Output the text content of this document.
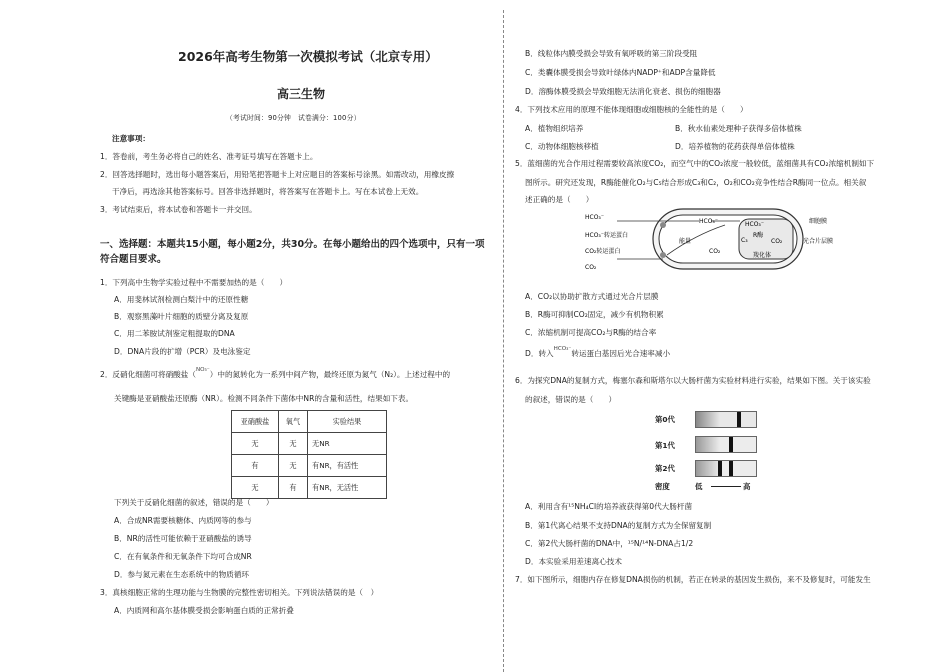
2026年高考生物第一次模拟考试（北京专用）
高三生物
（考试时间：90分钟　试卷满分：100分）
注意事项：
1．答卷前，考生务必将自己的姓名、准考证号填写在答题卡上。
2．回答选择题时，选出每小题答案后，用铅笔把答题卡上对应题目的答案标号涂黑。如需改动，用橡皮擦
干净后，再选涂其他答案标号。回答非选择题时，将答案写在答题卡上。写在本试卷上无效。
3．考试结束后，将本试卷和答题卡一并交回。
一、选择题：本题共15小题，每小题2分，共30分。在每小题给出的四个选项中，只有一项
符合题目要求。
1．下列高中生物学实验过程中不需要加热的是（　　）
A．用斐林试剂检测白梨汁中的还原性糖
B．观察黑藻叶片细胞的质壁分离及复原
C．用二苯胺试剂鉴定粗提取的DNA
D．DNA片段的扩增（PCR）及电泳鉴定
2．反硝化细菌可将硝酸盐（$^{NO_3^-}$）中的氮转化为一系列中间产物，最终还原为氮气（N₂）。上述过程中的
关键酶是亚硝酸盐还原酶（NR）。检测不同条件下菌体中NR的含量和活性，结果如下表。
亚硝酸盐	氧气	实验结果
无	无	无NR
有	无	有NR，有活性
无	有	有NR，无活性
下列关于反硝化细菌的叙述，错误的是（　　）
A．合成NR需要核糖体、内质网等的参与
B．NR的活性可能依赖于亚硝酸盐的诱导
C．在有氧条件和无氧条件下均可合成NR
D．参与氮元素在生态系统中的物质循环
3．真核细胞正常的生理功能与生物膜的完整性密切相关。下列说法错误的是（　）
A．内质网和高尔基体膜受损会影响蛋白质的正常折叠
B．线粒体内膜受损会导致有氧呼吸的第三阶段受阻
C．类囊体膜受损会导致叶绿体内NADP⁺和ADP含量降低
D．溶酶体膜受损会导致细胞无法消化衰老、损伤的细胞器
4．下列技术应用的原理不能体现细胞或细胞核的全能性的是（　　）
A．植物组织培养	B．秋水仙素处理种子获得多倍体植株
C．动物体细胞核移植	D．培养植物的花药获得单倍体植株
5．蓝细菌的光合作用过程需要较高浓度CO₂，而空气中的CO₂浓度一般较低，蓝细菌具有CO₂浓缩机制如下
图所示。研究还发现，R酶能催化O₂与C₅结合形成C₃和C₂，O₂和CO₂竞争性结合R酶同一位点。相关叙
述正确的是（　　）
HCO₃⁻
HCO₃⁻转运蛋白
CO₂转运蛋白
CO₂
能量
HCO₃⁻	HCO₃⁻
C₃
R酶
CO₂
CO₂
羧化体
细胞膜
光合片层膜
A．CO₂以协助扩散方式通过光合片层膜
B．R酶可抑制CO₂固定，减少有机物积累
C．浓缩机制可提高CO₂与R酶的结合率
D．转入$^{HCO_3^-}$转运蛋白基因后光合速率减小
6．为探究DNA的复制方式，梅塞尔森和斯塔尔以大肠杆菌为实验材料进行实验，结果如下图。关于该实验
的叙述，错误的是（　　）
第0代
第1代
第2代
密度	低	高
A．利用含有¹⁵NH₄Cl的培养液获得第0代大肠杆菌
B．第1代离心结果不支持DNA的复制方式为全保留复制
C．第2代大肠杆菌的DNA中，¹⁵N/¹⁴N-DNA占1/2
D．本实验采用差速离心技术
7．如下图所示，细胞内存在修复DNA损伤的机制，若正在转录的基因发生损伤，来不及修复时，可能发生
